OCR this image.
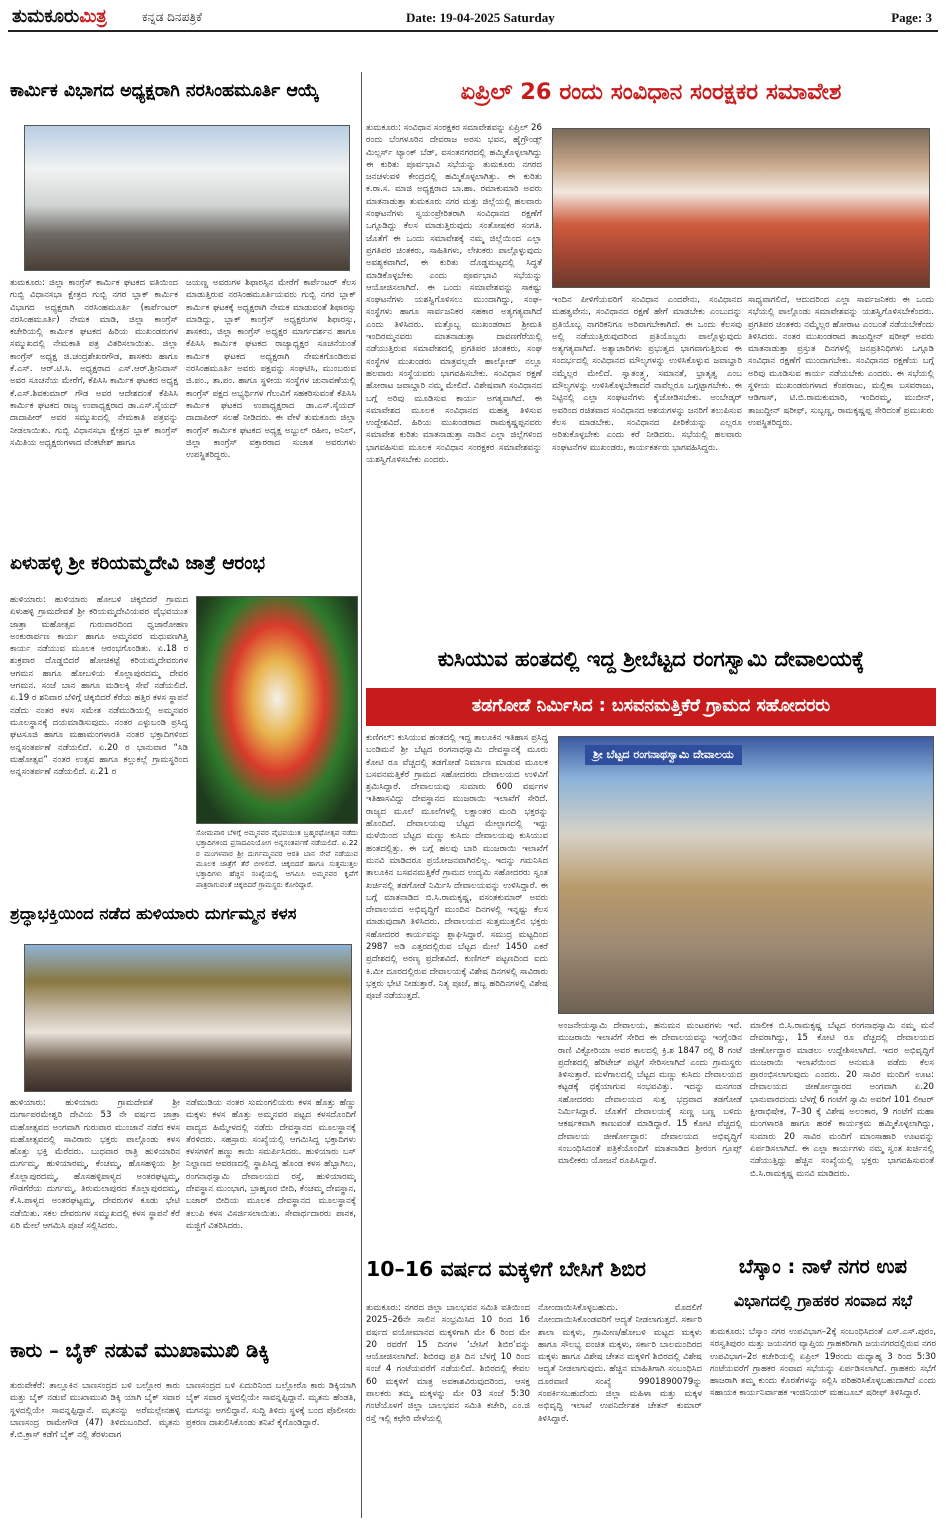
ತುಮಕೂರುಮಿತ್ರ	ಕನ್ನಡ ದಿನಪತ್ರಿಕೆ	Date: 19-04-2025 Saturday	Page: 3
ಕಾರ್ಮಿಕ ವಿಭಾಗದ ಅಧ್ಯಕ್ಷರಾಗಿ ನರಸಿಂಹಮೂರ್ತಿ ಆಯ್ಕೆ
ತುಮಕೂರು: ಜಿಲ್ಲಾ ಕಾಂಗ್ರೆಸ್ ಕಾರ್ಮಿಕ ಘಟಕದ ವತಿಯಿಂದ ಗುಬ್ಬಿ ವಿಧಾನಸಭಾ ಕ್ಷೇತ್ರದ ಗುಬ್ಬಿ ನಗರ ಬ್ಲಾಕ್ ಕಾರ್ಮಿಕ ವಿಭಾಗದ ಅಧ್ಯಕ್ಷರಾಗಿ ನರಸಿಂಹಮೂರ್ತಿ (ಕಾರ್ಪೆಂಟರ್ ನರಸಿಂಹಮೂರ್ತಿ) ನೇಮಕ ಮಾಡಿ, ಜಿಲ್ಲಾ ಕಾಂಗ್ರೆಸ್ ಕಚೇರಿಯಲ್ಲಿ ಕಾರ್ಮಿಕ ಘಟಕದ ಹಿರಿಯ ಮುಖಂಡರುಗಳ ಸಮ್ಮುಖದಲ್ಲಿ ನೇಮಕಾತಿ ಪತ್ರ ವಿತರಿಸಲಾಯಿತು. ಜಿಲ್ಲಾ ಕಾಂಗ್ರೆಸ್ ಅಧ್ಯಕ್ಷ ಜಿ.ಚಂದ್ರಶೇಖರಗೌಡ, ಶಾಸಕರು ಹಾಗೂ ಕೆ.ಎಸ್. ಆರ್.ಟಿ.ಸಿ. ಅಧ್ಯಕ್ಷರಾದ ಎಸ್.ಆರ್.ಶ್ರೀನಿವಾಸ್ ಅವರ ಸೂಚನೆಯ ಮೇರೆಗೆ, ಕೆಪಿಸಿಸಿ ಕಾರ್ಮಿಕ ಘಟಕದ ಅಧ್ಯಕ್ಷ ಕೆ.ಎಸ್.ಶಿವಕುಮಾರ್ ಗೌಡ ಅವರ ಆದೇಶದಂತೆ ಕೆಪಿಸಿಸಿ ಕಾರ್ಮಿಕ ಘಟಕದ ರಾಜ್ಯ ಉಪಾಧ್ಯಕ್ಷರಾದ ಡಾ.ಎಸ್.ಸೈಯದ್ ದಾದಾಪೀರ್ ಅವರ ಸಮ್ಮುಖದಲ್ಲಿ ನೇಮಕಾತಿ ಪತ್ರವನ್ನು ನೀಡಲಾಯಿತು. ಗುಬ್ಬಿ ವಿಧಾನಸಭಾ ಕ್ಷೇತ್ರದ ಬ್ಲಾಕ್ ಕಾಂಗ್ರೆಸ್ ಸಮಿತಿಯ ಅಧ್ಯಕ್ಷರುಗಳಾದ ವೆಂಕಟೇಶ್ ಹಾಗೂ
ಜಯಣ್ಣ ಅವರುಗಳ ಶಿಫಾರಸ್ಸಿನ ಮೇರೆಗೆ ಕಾರ್ಪೆಂಟರ್ ಕೆಲಸ ಮಾಡುತ್ತಿರುವ ನರಸಿಂಹಮೂರ್ತಿಯವರು ಗುಬ್ಬಿ ನಗರ ಬ್ಲಾಕ್ ಕಾರ್ಮಿಕ ಘಟಕಕ್ಕೆ ಅಧ್ಯಕ್ಷರಾಗಿ ನೇಮಕ ಮಾಡುವಂತೆ ಶಿಫಾರಸ್ಸು ಮಾಡಿದ್ದು, ಬ್ಲಾಕ್ ಕಾಂಗ್ರೆಸ್ ಅಧ್ಯಕ್ಷರುಗಳ ಶಿಫಾರಸ್ಸು, ಶಾಸಕರು, ಜಿಲ್ಲಾ ಕಾಂಗ್ರೆಸ್ ಅಧ್ಯಕ್ಷರ ಮಾರ್ಗದರ್ಶನ ಹಾಗೂ ಕೆಪಿಸಿಸಿ ಕಾರ್ಮಿಕ ಘಟಕದ ರಾಜ್ಯಾಧ್ಯಕ್ಷರ ಸೂಚನೆಯಂತೆ ಕಾರ್ಮಿಕ ಘಟಕದ ಅಧ್ಯಕ್ಷರಾಗಿ ನೇಮಕಗೊಂಡಿರುವ ನರಸಿಂಹಮೂರ್ತಿ ಅವರು ಪಕ್ಷವನ್ನು ಸಂಘಟಿಸಿ, ಮುಂಬರುವ ಜಿ.ಪಂ., ತಾ.ಪಂ. ಹಾಗೂ ಸ್ಥಳೀಯ ಸಂಸ್ಥೆಗಳ ಚುನಾವಣೆಯಲ್ಲಿ ಕಾಂಗ್ರೆಸ್ ಪಕ್ಷದ ಅಭ್ಯರ್ಥಿಗಳ ಗೆಲುವಿಗೆ ಸಹಕರಿಸುವಂತೆ ಕೆಪಿಸಿಸಿ ಕಾರ್ಮಿಕ ಘಟಕದ ಉಪಾಧ್ಯಕ್ಷರಾದ ಡಾ.ಎಸ್.ಸೈಯದ್ ದಾದಾಪೀರ್ ಸಲಹೆ ನೀಡಿದರು. ಈ ವೇಳೆ ತುಮಕೂರು ಜಿಲ್ಲಾ ಕಾಂಗ್ರೆಸ್ ಕಾರ್ಮಿಕ ಘಟಕದ ಅಧ್ಯಕ್ಷ ಅಬ್ದುಲ್ ರಹೀಂ, ಅನಿಲ್, ಜಿಲ್ಲಾ ಕಾಂಗ್ರೆಸ್ ವಕ್ತಾರರಾದ ಸುಜಾತ ಅವರುಗಳು ಉಪಸ್ಥಿತರಿದ್ದರು.
ಏಳುಹಳ್ಳಿ ಶ್ರೀ ಕರಿಯಮ್ಮದೇವಿ ಜಾತ್ರೆ ಆರಂಭ
ಹುಳಿಯಾರು: ಹುಳಿಯಾರು ಹೋಬಳಿ ಚಿಕ್ಕಬಿದರೆ ಗ್ರಾಮದ ಏಳುಹಳ್ಳಿ ಗ್ರಾಮದೇವತೆ ಶ್ರೀ ಕರಿಯಮ್ಮದೇವಿಯವರ ವೈಭವಯುತ ಜಾತ್ರಾ ಮಹೋತ್ಸವ ಗುರುವಾರದಿಂದ ಧ್ವಜಾರೋಹಣ ಅಂಕುರಾರ್ಪಣ ಕಾರ್ಯ ಹಾಗೂ ಅಮ್ಮನವರ ಮಧುವಣಗಿತ್ತಿ ಕಾರ್ಯ ನಡೆಯುವ ಮೂಲಕ ಆರಂಭಗೊಂಡಿತು. ಏ.18 ರ ಶುಕ್ರವಾರ ದೊಡ್ಡಬಿದರೆ ಹೋಚಿಕಟ್ಟೆ ಕರಿಯಮ್ಮದೇವರುಗಳ ಆಗಮನ ಹಾಗೂ ಹೋಬಳಿಯ ಕೊಲ್ಲಾಪುರದಮ್ಮ ದೇವರ ಆಗಮನ. ಸಂಜೆ ಬಾನ ಹಾಗೂ ಮಡಿಲಕ್ಕಿ ಸೇವೆ ನಡೆಯಲಿದೆ. ಏ.19 ರ ಶನಿವಾರ ಬೆಳಿಗ್ಗೆ ಚಿಕ್ಕಬಿದರೆ ಕೆರೆಯ ಹತ್ತಿರ ಕಳಸ ಸ್ಥಾಪನೆ ನಡೆದು ನಂತರ ಕಳಸ ಸಮೇತ ನಡೆಮುಡಿಯಲ್ಲಿ ಅಮ್ಮನವರ ಮೂಲಸ್ಥಾನಕ್ಕೆ ದಯಮಾಡಿಸುವುದು. ನಂತರ ಎಳ್ಳುಬಂಡಿ ಪ್ರಸಿದ್ಧ ಘಟಸೂಜಿ ಹಾಗೂ ಮಹಾಮಂಗಳಾರತಿ ನಂತರ ಭಕ್ತಾದಿಗಳಿಂದ ಅನ್ನಸಂತರ್ಪಣೆ ನಡೆಯಲಿದೆ. ಏ.20 ರ ಭಾನುವಾರ “ಸಿಡಿ ಮಹೋತ್ಸವ” ನಂತರ ಉತ್ಸವ ಹಾಗೂ ಕಲ್ಲುಕಲ್ಲೆ ಗ್ರಾಮಸ್ಥರಿಂದ ಅನ್ನಸಂತರ್ಪಣೆ ನಡೆಯಲಿದೆ. ಏ.21 ರ
ಸೋಮವಾರ ಬೆಳಿಗ್ಗೆ ಅಮ್ಮನವರ ವೈಭವಯುತ ಬ್ರಹ್ಮರಥೋತ್ಸವ ನಡೆದು ಭಕ್ತಾದಿಗಳಿಂದ ಪ್ರಸಾದವಿನಿಯೋಗ ಅನ್ನಸಂತರ್ಪಣೆ ನಡೆಯಲಿದೆ. ಏ.22 ರ ಮಂಗಳವಾರ ಶ್ರೀ ದುರ್ಗಮ್ಮನವರ ಆರತಿ ಬಾನ ಸೇವೆ ನಡೆಯುವ ಮೂಲಕ ಜಾತ್ರೆಗೆ ತೆರೆ ಬೀಳಲಿದೆ. ಚಿಕ್ಕಬಿದರೆ ಹಾಗೂ ಸುತ್ತಮುತ್ತಲ ಭಕ್ತಾದಿಗಳು ಹೆಚ್ಚಿನ ಸಂಖ್ಯೆಯಲ್ಲಿ ಆಗಮಿಸಿ ಅಮ್ಮನವರ ಕೃಪೆಗೆ ಪಾತ್ರರಾಗುವಂತೆ ಚಿಕ್ಕಬಿದರೆ ಗ್ರಾಮಸ್ಥರು ಕೋರಿದ್ದಾರೆ.
ಶ್ರದ್ಧಾಭಕ್ತಿಯಿಂದ ನಡೆದ ಹುಳಿಯಾರು ದುರ್ಗಮ್ಮನ ಕಳಸ
ಹುಳಿಯಾರು: ಹುಳಿಯಾರು ಗ್ರಾಮದೇವತೆ ಶ್ರೀ ದುರ್ಗಾಪರಮೇಶ್ವರಿ ದೇವಿಯ 53 ನೇ ವರ್ಷದ ಜಾತ್ರಾ ಮಹೋತ್ಸವದ ಅಂಗವಾಗಿ ಗುರುವಾರ ಮುಂಜಾನೆ ನಡೆದ ಕಳಸ ಮಹೋತ್ಸವದಲ್ಲಿ ಸಾವಿರಾರು ಭಕ್ತರು ಪಾಲ್ಗೊಂಡು ಕಳಸ ಹೊತ್ತು ಭಕ್ತಿ ಮೆರೆದರು. ಬುಧವಾರ ರಾತ್ರಿ ಹುಳಿಯಾರಿನ ದುರ್ಗಮ್ಮ, ಹುಳಿಯಾರಮ್ಮ, ಕೆಂಚಮ್ಮ, ಹೊಸಹಳ್ಳಿಯ ಶ್ರೀ ಕೊಲ್ಲಾಪುರದಮ್ಮ, ಹೊಸಹಳ್ಳಿಪಾಳ್ಯದ ಅಂತರಘಟ್ಟಮ್ಮ, ಗೌಡಗೆರೆಯ ದುರ್ಗಮ್ಮ, ತಿರುಮಲಾಪುರದ ಕೊಲ್ಲಾಪುರದಮ್ಮ, ಕೆ.ಸಿ.ಪಾಳ್ಯದ ಅಂತರಘಟ್ಟಮ್ಮ, ದೇವರುಗಳ ಕೂಡು ಭೇಟಿ ನಡೆಯಿತು. ಸಕಲ ದೇವರುಗಳ ಸಮ್ಮುಖದಲ್ಲಿ ಕಳಸ ಸ್ಥಾಪನೆ ಕೆರೆ ಏರಿ ಮೇಲೆ ಆಗಮಿಸಿ ಪೂಜೆ ಸಲ್ಲಿಸಿದರು.
ನಡೆಮುಡಿಯ ನಂತರ ಸುಮಂಗಲಿಯರು ಕಳಸ ಹೊತ್ತು ಹೆಣ್ಣು ಮಕ್ಕಳು ಕಳಸ ಹೊತ್ತು ಅಮ್ಮನವರ ಪಟ್ಟದ ಕಳಸದೊಂದಿಗೆ ವಾದ್ಯದ ಹಿಮ್ಮೇಳದಲ್ಲಿ ನಡೆದು ದೇವಸ್ಥಾನದ ಮೂಲಸ್ಥಾನಕ್ಕೆ ತೆರಳಿದರು. ಸಹಸ್ರಾರು ಸಂಖ್ಯೆಯಲ್ಲಿ ಆಗಮಿಸಿದ್ದ ಭಕ್ತಾದಿಗಳು ಕಳಸಗಳಿಗೆ ಹಣ್ಣು ಕಾಯಿ ಸಮರ್ಪಿಸಿದರು. ಹುಳಿಯಾರು ಬಸ್ ನಿಲ್ದಾಣದ ಆವರಣದಲ್ಲಿ ಸ್ಥಾಪಿಸಿದ್ದ ಹೊಂಡ ಕಳಸ ಹೆಬ್ಬಾಗಿಲು, ರಂಗನಾಥಸ್ವಾಮಿ ದೇವಾಲಯದ ರಸ್ತೆ, ಹುಳಿಯಾರಮ್ಮ ದೇವಸ್ಥಾನ ಮುಂಭಾಗ, ಬ್ರಾಹ್ಮಣರ ಬೀದಿ, ಕೆಂಚಮ್ಮ ದೇವಸ್ಥಾನ, ಬಜಾರ್ ಬೀದಿಯ ಮೂಲಕ ದೇವಸ್ಥಾನದ ಮೂಲಸ್ಥಾನಕ್ಕೆ ತಲುಪಿ ಕಳಸ ವಿಸರ್ಜಿಸಲಾಯಿತು. ಸೇವಾರ್ಥದಾರರು ಪಾನಕ, ಮಜ್ಜಿಗೆ ವಿತರಿಸಿದರು.
ಕಾರು – ಬೈಕ್ ನಡುವೆ ಮುಖಾಮುಖಿ ಡಿಕ್ಕಿ
ತುರುವೇಕೆರೆ: ತಾಲ್ಲೂಕಿನ ಬಾಣಸಂದ್ರದ ಬಳಿ ಬಲ್ಲೋರ ಕಾರು ಮತ್ತು ಬೈಕ್ ನಡುವೆ ಮುಖಾಮುಖಿ ಡಿಕ್ಕಿ ಯಾಗಿ ಬೈಕ್ ಸವಾರ ಸ್ಥಳದಲ್ಲಿಯೇ ಸಾವನ್ನಪ್ಪಿದ್ದಾನೆ. ಮೃತನನ್ನು ಅರೆಮಲ್ಲೇನಹಳ್ಳಿ ಬಾಣಸಂದ್ರ ರಾಮೇಗೌಡ (47) ತಿಳಿದುಬಂದಿದೆ. ಮೃತನು ಕೆ.ಬಿ.ಕ್ರಾಸ್ ಕಡೆಗೆ ಬೈಕ್ ನಲ್ಲಿ ತೆರಳುವಾಗ
ಬಾಣಸಂದ್ರದ ಬಳಿ ಏದುರಿನಿಂದ ಬಲ್ಲೋರೊ ಕಾರು ಡಿಕ್ಕಿಯಾಗಿ ಬೈಕ್ ಸವಾರ ಸ್ಥಳದಲ್ಲಿಯೇ ಸಾವನ್ನಪ್ಪಿದ್ದಾನೆ. ಮೃತನು ಹೆಂಡತಿ, ಮಗನನ್ನು ಅಗಲಿದ್ದಾನೆ. ಸುದ್ದಿ ತಿಳಿದು ಸ್ಥಳಕ್ಕೆ ಬಂದ ಪೊಲೀಸರು ಪ್ರಕರಣ ದಾಖಲಿಸಿಕೊಂಡು ತನಿಖೆ ಕೈಗೊಂಡಿದ್ದಾರೆ.
ಏಪ್ರಿಲ್ 26 ರಂದು ಸಂವಿಧಾನ ಸಂರಕ್ಷಕರ ಸಮಾವೇಶ
ತುಮಕೂರು: ಸಂವಿಧಾನ ಸಂರಕ್ಷಕರ ಸಮಾವೇಶವನ್ನು ಏಪ್ರಿಲ್ 26 ರಂದು ಬೆಂಗಳೂರಿನ ದೇವರಾಜ ಅರಸು ಭವನ, ಹೈಗ್ರೌಂಡ್ಸ್ ಮಿಲ್ಲರ್ಸ್ ಟ್ಯಾಂಕ್ ಬೆಡ್, ವಸಂತನಗರದಲ್ಲಿ ಹಮ್ಮಿಕೊಳ್ಳಲಾಗಿದ್ದು ಈ ಕುರಿತು ಪೂರ್ವಭಾವಿ ಸಭೆಯನ್ನು ತುಮಕೂರು ನಗರದ ಜನಚಳುವಳಿ ಕೇಂದ್ರದಲ್ಲಿ ಹಮ್ಮಿಕೊಳ್ಳಲಾಗಿತ್ತು. ಈ ಕುರಿತು ಕ.ರಾ.ಸ. ಮಾಜಿ ಅಧ್ಯಕ್ಷರಾದ ಬಾ.ಹಾ. ರಮಾಕುಮಾರಿ ಅವರು ಮಾತನಾಡುತ್ತಾ ತುಮಕೂರು ನಗರ ಮತ್ತು ಜಿಲ್ಲೆಯಲ್ಲಿ ಹಲವಾರು ಸಂಘಟನೆಗಳು ಸ್ವಯಂಪ್ರೇರಿತರಾಗಿ ಸಂವಿಧಾನದ ರಕ್ಷಣೆಗೆ ಒಗ್ಗೂಡಿದ್ದು ಕೆಲಸ ಮಾಡುತ್ತಿರುವುದು ಸಂತೋಷಕರ ಸಂಗತಿ. ಜೊತೆಗೆ ಈ ಒಂದು ಸಮಾವೇಶಕ್ಕೆ ನಮ್ಮ ಜಿಲ್ಲೆಯಿಂದ ಎಲ್ಲಾ ಪ್ರಗತಿಪರ ಚಿಂತಕರು, ಸಾಹಿತಿಗಳು, ಲೇಖಕರು ಪಾಲ್ಗೊಳ್ಳುವುದು ಅವಶ್ಯಕವಾಗಿದೆ, ಈ ಕುರಿತು ದೊಡ್ಡಮಟ್ಟದಲ್ಲಿ ಸಿದ್ಧತೆ ಮಾಡಿಕೊಳ್ಳಬೇಕು ಎಂದು ಪೂರ್ವಭಾವಿ ಸಭೆಯನ್ನು ಆಯೋಜಿಸಲಾಗಿದೆ. ಈ ಒಂದು ಸಮಾವೇಶವನ್ನು ಸಾಕಷ್ಟು ಸಂಘಟನೆಗಳು ಯಶಸ್ವಿಗೊಳಿಸಲು ಮುಂದಾಗಿದ್ದು, ಸಂಘ-ಸಂಸ್ಥೆಗಳು ಹಾಗೂ ಸಾರ್ವಜನಿಕರ ಸಹಕಾರ ಅತ್ಯಗತ್ಯವಾಗಿದೆ ಎಂದು ತಿಳಿಸಿದರು. ಮತ್ತೊಬ್ಬ ಮುಖಂಡರಾದ ಶ್ರೀಮತಿ ಇಂದಿರಮ್ಮನವರು ಮಾತನಾಡುತ್ತಾ ದಾವಣಗೆರೆಯಲ್ಲಿ ನಡೆಯುತ್ತಿರುವ ಸಮಾವೇಶದಲ್ಲಿ ಪ್ರಗತಿಪರ ಚಿಂತಕರು, ಸಂಘ ಸಂಸ್ಥೆಗಳ ಮುಖಂಡರು ಮಾತ್ರವಲ್ಲದೇ ಹಾಲ್ಕೋಡ್ ನಲ್ಲೂ ಹಲವಾರು ಸಂಸ್ಥೆಯವರು ಭಾಗವಹಿಸಬೇಕು. ಸಂವಿಧಾನ ರಕ್ಷಣೆ ಹೋರಾಟ ಜವಾಬ್ದಾರಿ ನಮ್ಮ ಮೇಲಿದೆ. ವಿಶೇಷವಾಗಿ ಸಂವಿಧಾನದ ಬಗ್ಗೆ ಅರಿವು ಮೂಡಿಸುವ ಕಾರ್ಯ ಅಗತ್ಯವಾಗಿದೆ. ಈ ಸಮಾವೇಶದ ಮೂಲಕ ಸಂವಿಧಾನದ ಮಹತ್ವ ತಿಳಿಸುವ ಉದ್ದೇಶವಿದೆ. ಹಿರಿಯ ಮುಖಂಡರಾದ ರಾಮಕೃಷ್ಣಪ್ಪನವರು ಸಮಾವೇಶ ಕುರಿತು ಮಾತನಾಡುತ್ತಾ ನಾಡಿನ ಎಲ್ಲಾ ಜಿಲ್ಲೆಗಳಿಂದ ಭಾಗವಹಿಸುವ ಮೂಲಕ ಸಂವಿಧಾನ ಸಂರಕ್ಷಕರ ಸಮಾವೇಶವನ್ನು ಯಶಸ್ವಿಗೊಳಿಸಬೇಕು ಎಂದರು.
ಇಂದಿನ ಪೀಳಿಗೆಯವರಿಗೆ ಸಂವಿಧಾನ ಎಂದರೇನು, ಸಂವಿಧಾನದ ಮಹತ್ವವೇನು, ಸಂವಿಧಾನದ ರಕ್ಷಣೆ ಹೇಗೆ ಮಾಡಬೇಕು ಎಂಬುದನ್ನು ಪ್ರತಿಯೊಬ್ಬ ನಾಗರಿಕನಿಗೂ ಅರಿವಾಗಬೇಕಾಗಿದೆ. ಈ ಒಂದು ಕೆಲಸವು ಅಲ್ಲಿ ನಡೆಯುತ್ತಿರುವುದರಿಂದ ಪ್ರತಿಯೊಬ್ಬರು ಪಾಲ್ಗೊಳ್ಳುವುದು ಅತ್ಯಗತ್ಯವಾಗಿದೆ. ಅತ್ಯಾಚಾರಿಗಳು ಪ್ರಭುತ್ವದ ಭಾಗವಾಗುತ್ತಿರುವ ಈ ಸಂದರ್ಭದಲ್ಲಿ ಸಂವಿಧಾನದ ಮೌಲ್ಯಗಳನ್ನು ಉಳಿಸಿಕೊಳ್ಳುವ ಜವಾಬ್ದಾರಿ ನಮ್ಮೆಲ್ಲರ ಮೇಲಿದೆ. ಸ್ವಾತಂತ್ರ್ಯ, ಸಮಾನತೆ, ಭ್ರಾತೃತ್ವ ಎಂಬ ಮೌಲ್ಯಗಳನ್ನು ಉಳಿಸಿಕೊಳ್ಳಬೇಕಾದರೆ ನಾವೆಲ್ಲರೂ ಒಗ್ಗಟ್ಟಾಗಬೇಕು. ಈ ನಿಟ್ಟಿನಲ್ಲಿ ಎಲ್ಲಾ ಸಂಘಟನೆಗಳು ಕೈಜೋಡಿಸಬೇಕು. ಅಂಬೇಡ್ಕರ್ ಅವರಿಂದ ರಚಿತವಾದ ಸಂವಿಧಾನದ ಆಶಯಗಳನ್ನು ಜನರಿಗೆ ತಲುಪಿಸುವ ಕೆಲಸ ಮಾಡಬೇಕು. ಸಂವಿಧಾನದ ಪೀಠಿಕೆಯನ್ನು ಎಲ್ಲರೂ ಅರಿತುಕೊಳ್ಳಬೇಕು ಎಂದು ಕರೆ ನೀಡಿದರು. ಸಭೆಯಲ್ಲಿ ಹಲವಾರು ಸಂಘಟನೆಗಳ ಮುಖಂಡರು, ಕಾರ್ಯಕರ್ತರು ಭಾಗವಹಿಸಿದ್ದರು.
ಸಾಧ್ಯವಾಗಲಿದೆ, ಆದುದರಿಂದ ಎಲ್ಲಾ ಸಾರ್ವಜನಿಕರು ಈ ಒಂದು ಸಭೆಯಲ್ಲಿ ಪಾಲ್ಗೊಂಡು ಸಮಾವೇಶವನ್ನು ಯಶಸ್ವಿಗೊಳಿಸಬೇಕೆಂದರು. ಪ್ರಗತಿಪರ ಚಿಂತಕರು ನಮ್ಮೆಲ್ಲರ ಹೋರಾಟ ಎಂಬಂತೆ ನಡೆಯಬೇಕೆಂದು ತಿಳಿಸಿದರು. ನಂತರ ಮುಖಂಡರಾದ ತಾಜುದ್ದೀನ್ ಷರೀಫ್ ಅವರು ಮಾತನಾಡುತ್ತಾ ಪ್ರಸ್ತುತ ದಿನಗಳಲ್ಲಿ ಜನಪ್ರತಿನಿಧಿಗಳು ಒಗ್ಗೂಡಿ ಸಂವಿಧಾನ ರಕ್ಷಣೆಗೆ ಮುಂದಾಗಬೇಕು. ಸಂವಿಧಾನದ ರಕ್ಷಣೆಯ ಬಗ್ಗೆ ಅರಿವು ಮೂಡಿಸುವ ಕಾರ್ಯ ನಡೆಯಬೇಕು ಎಂದರು. ಈ ಸಭೆಯಲ್ಲಿ ಸ್ಥಳೀಯ ಮುಖಂಡರುಗಳಾದ ಕೆಂಪರಾಜು, ಮಲ್ಲಿಕಾ ಬಸವರಾಜು, ಆಡಿಗಾಸ್, ಟಿ.ಬಿ.ರಾಮಕುಮಾರಿ, ಇಂದಿರಮ್ಮ, ಮುಬೀನ್, ತಾಜುದ್ದೀನ್ ಷರೀಫ್, ಸುಬ್ಬಣ್ಣ, ರಾಮಕೃಷ್ಣಪ್ಪ ಸೇರಿದಂತೆ ಪ್ರಮುಖರು ಉಪಸ್ಥಿತರಿದ್ದರು.
ಕುಸಿಯುವ ಹಂತದಲ್ಲಿ ಇದ್ದ ಶ್ರೀಬೆಟ್ಟದ ರಂಗಸ್ವಾಮಿ ದೇವಾಲಯಕ್ಕೆ
ತಡಗೋಡೆ ನಿರ್ಮಿಸಿದ : ಬಸವನಮತ್ತಿಕೆರೆ ಗ್ರಾಮದ ಸಹೋದರರು
ಕುಣಿಗಲ್: ಕುಸಿಯುವ ಹಂತದಲ್ಲಿ ಇದ್ದ ತಾಲೂಕಿನ ಇತಿಹಾಸ ಪ್ರಸಿದ್ಧ ಬಂಡಿಮನೆ ಶ್ರೀ ಬೆಟ್ಟದ ರಂಗನಾಥಸ್ವಾಮಿ ದೇವಸ್ಥಾನಕ್ಕೆ ಮೂರು ಕೋಟಿ ರೂ ವೆಚ್ಚದಲ್ಲಿ ತಡಗೋಡೆ ನಿರ್ಮಾಣ ಮಾಡುವ ಮೂಲಕ ಬಸವನಮತ್ತಿಕೆರೆ ಗ್ರಾಮದ ಸಹೋದರರು ದೇವಾಲಯದ ಉಳಿವಿಗೆ ಶ್ರಮಿಸಿದ್ದಾರೆ. ದೇವಾಲಯವು ಸುಮಾರು 600 ವರ್ಷಗಳ ಇತಿಹಾಸವಿದ್ದು ದೇವಸ್ಥಾನದ ಮುಜರಾಯಿ ಇಲಾಖೆಗೆ ಸೇರಿದೆ. ರಾಜ್ಯದ ಮೂಲೆ ಮೂಲೆಗಳಲ್ಲಿ ಲಕ್ಷಾಂತರ ಮಂದಿ ಭಕ್ತರನ್ನು ಹೊಂದಿದೆ. ದೇವಾಲಯವು ಬೆಟ್ಟದ ಮೇಲ್ಭಾಗದಲ್ಲಿ ಇದ್ದು ಮಳೆಯಿಂದ ಬೆಟ್ಟದ ಮಣ್ಣು ಕುಸಿದು ದೇವಾಲಯವು ಕುಸಿಯುವ ಹಂತದಲ್ಲಿತ್ತು. ಈ ಬಗ್ಗೆ ಹಲವು ಬಾರಿ ಮುಜರಾಯಿ ಇಲಾಖೆಗೆ ಮನವಿ ಮಾಡಿದರೂ ಪ್ರಯೋಜನವಾಗಿರಲಿಲ್ಲ. ಇದನ್ನು ಗಮನಿಸಿದ ತಾಲೂಕಿನ ಬಸವನಮತ್ತಿಕೆರೆ ಗ್ರಾಮದ ಉದ್ಯಮಿ ಸಹೋದರರು ಸ್ವಂತ ಖರ್ಚಿನಲ್ಲಿ ತಡಗೋಡೆ ನಿರ್ಮಿಸಿ ದೇವಾಲಯವನ್ನು ಉಳಿಸಿದ್ದಾರೆ. ಈ ಬಗ್ಗೆ ಮಾತನಾಡಿದ ಬಿ.ಸಿ.ರಾಮಕೃಷ್ಣ, ವಸಂತಕುಮಾರ್ ಅವರು ದೇವಾಲಯದ ಅಭಿವೃದ್ಧಿಗೆ ಮುಂದಿನ ದಿನಗಳಲ್ಲಿ ಇನ್ನಷ್ಟು ಕೆಲಸ ಮಾಡುವುದಾಗಿ ತಿಳಿಸಿದರು. ದೇವಾಲಯದ ಸುತ್ತಮುತ್ತಲಿನ ಭಕ್ತರು ಸಹೋದರರ ಕಾರ್ಯವನ್ನು ಶ್ಲಾಘಿಸಿದ್ದಾರೆ. ಸಮುದ್ರ ಮಟ್ಟದಿಂದ 2987 ಅಡಿ ಎತ್ತರದಲ್ಲಿರುವ ಬೆಟ್ಟದ ಮೇಲೆ 1450 ಎಕರೆ ಪ್ರದೇಶದಲ್ಲಿ ಅರಣ್ಯ ಪ್ರದೇಶವಿದೆ. ಕುಣಿಗಲ್ ಪಟ್ಟಣದಿಂದ ಐದು ಕಿ.ಮೀ ದೂರದಲ್ಲಿರುವ ದೇವಾಲಯಕ್ಕೆ ವಿಶೇಷ ದಿನಗಳಲ್ಲಿ ಸಾವಿರಾರು ಭಕ್ತರು ಭೇಟಿ ನೀಡುತ್ತಾರೆ. ನಿತ್ಯ ಪೂಜೆ, ಹಬ್ಬ ಹರಿದಿನಗಳಲ್ಲಿ ವಿಶೇಷ ಪೂಜೆ ನಡೆಯುತ್ತದೆ.
ಶ್ರೀ ಬೆಟ್ಟದ ರಂಗನಾಥಸ್ವಾಮಿ ದೇವಾಲಯ
ಅಂಜನೇಯಸ್ವಾಮಿ ದೇವಾಲಯ, ಹನುಮನ ಮಂಟಪಗಳು ಇವೆ. ಮುಜರಾಯಿ ಇಲಾಖೆಗೆ ಸೇರಿದ ಈ ದೇವಾಲಯವನ್ನು ಇಂಗ್ಲೆಂಡಿನ ರಾಣಿ ವಿಕ್ಟೋರಿಯಾ ಅವರ ಕಾಲದಲ್ಲಿ ಕ್ರಿ.ಶ 1847 ರಲ್ಲಿ 8 ಗಂಟೆ ಪ್ರದೇಶದಲ್ಲಿ ಹೆರಿಟೇಜ್ ಪಟ್ಟಿಗೆ ಸೇರಿಸಲಾಗಿದೆ ಎಂದು ಗ್ರಾಮಸ್ಥರು ತಿಳಿಸುತ್ತಾರೆ. ಮಳೆಗಾಲದಲ್ಲಿ ಬೆಟ್ಟದ ಮಣ್ಣು ಕುಸಿದು ದೇವಾಲಯದ ಕಟ್ಟಡಕ್ಕೆ ಧಕ್ಕೆಯಾಗುವ ಸಂಭವವಿತ್ತು. ಇದನ್ನು ಮನಗಂಡ ಸಹೋದರರು ದೇವಾಲಯದ ಸುತ್ತ ಭದ್ರವಾದ ತಡಗೋಡೆ ನಿರ್ಮಿಸಿದ್ದಾರೆ. ಜೊತೆಗೆ ದೇವಾಲಯಕ್ಕೆ ಸುಣ್ಣ ಬಣ್ಣ ಬಳಿದು ಆಕರ್ಷಕವಾಗಿ ಕಾಣುವಂತೆ ಮಾಡಿದ್ದಾರೆ. 15 ಕೋಟಿ ವೆಚ್ಚದಲ್ಲಿ ದೇವಾಲಯ ಜೀರ್ಣೋದ್ಧಾರ: ದೇವಾಲಯದ ಅಭಿವೃದ್ಧಿಗೆ ಸಂಬಂಧಿಸಿದಂತೆ ಪತ್ರಿಕೆಯೊಂದಿಗೆ ಮಾತನಾಡಿದ ಶ್ರೀರಂಗ ಗ್ರೂಪ್ಸ್ ಮಾಲೀಕರು ಯೋಜನೆ ರೂಪಿಸಿದ್ದಾರೆ.
ಮಾಲೀಕ ಬಿ.ಸಿ.ರಾಮಕೃಷ್ಣ ಬೆಟ್ಟದ ರಂಗನಾಥಸ್ವಾಮಿ ನಮ್ಮ ಮನೆ ದೇವರಾಗಿದ್ದು, 15 ಕೋಟಿ ರೂ ವೆಚ್ಚದಲ್ಲಿ ದೇವಾಲಯದ ಜೀರ್ಣೋದ್ಧಾರ ಮಾಡಲು ಉದ್ದೇಶಿಸಲಾಗಿದೆ. ಇದರ ಅಭಿವೃದ್ಧಿಗೆ ಮುಜರಾಯಿ ಇಲಾಖೆಯಿಂದ ಅನುಮತಿ ಪಡೆದು ಕೆಲಸ ಪ್ರಾರಂಭಿಸಲಾಗುವುದು ಎಂದರು. 20 ಸಾವಿರ ಮಂದಿಗೆ ಊಟ: ದೇವಾಲಯದ ಜೀರ್ಣೋದ್ಧಾರದ ಅಂಗವಾಗಿ ಏ.20 ಭಾನುವಾರದಂದು ಬೆಳಗ್ಗೆ 6 ಗಂಟೆಗೆ ಸ್ವಾಮಿ ಅವರಿಗೆ 101 ಲೀಟರ್ ಕ್ಷೀರಾಭಿಷೇಕ, 7–30 ಕ್ಕೆ ವಿಶೇಷ ಅಲಂಕಾರ, 9 ಗಂಟೆಗೆ ಮಹಾ ಮಂಗಳಾರತಿ ಹಾಗೂ ಹರಕೆ ಕಾರ್ಯಕ್ರಮ ಹಮ್ಮಿಕೊಳ್ಳಲಾಗಿದ್ದು, ಸುಮಾರು 20 ಸಾವಿರ ಮಂದಿಗೆ ಮಾಂಸಾಹಾರಿ ಊಟವನ್ನು ಏರ್ಪಡಿಸಲಾಗಿದೆ. ಈ ಎಲ್ಲಾ ಕಾರ್ಯಗಳು ನಮ್ಮ ಸ್ವಂತ ಖರ್ಚಿನಲ್ಲಿ ನಡೆಯುತ್ತಿದ್ದು ಹೆಚ್ಚಿನ ಸಂಖ್ಯೆಯಲ್ಲಿ ಭಕ್ತರು ಭಾಗವಹಿಸುವಂತೆ ಬಿ.ಸಿ.ರಾಮಕೃಷ್ಣ ಮನವಿ ಮಾಡಿದರು.
10–16 ವರ್ಷದ ಮಕ್ಕಳಿಗೆ ಬೇಸಿಗೆ ಶಿಬಿರ
ತುಮಕೂರು: ನಗರದ ಜಿಲ್ಲಾ ಬಾಲಭವನ ಸಮಿತಿ ವತಿಯಿಂದ 2025–26ನೇ ಸಾಲಿನ ಸಂಭ್ರಮಿಸಿದ 10 ರಿಂದ 16 ವರ್ಷದ ವಯೋಮಾನದ ಮಕ್ಕಳಿಗಾಗಿ ಮೇ 6 ರಿಂದ ಮೇ 20 ರವರೆಗೆ 15 ದಿನಗಳ ‘ಬೇಸಿಗೆ ಶಿಬಿರ’ವನ್ನು ಆಯೋಜಿಸಲಾಗಿದೆ. ಶಿಬಿರವು ಪ್ರತಿ ದಿನ ಬೆಳಗ್ಗೆ 10 ರಿಂದ ಸಂಜೆ 4 ಗಂಟೆಯವರೆಗೆ ನಡೆಯಲಿದೆ. ಶಿಬಿರದಲ್ಲಿ ಕೇವಲ 60 ಮಕ್ಕಳಿಗೆ ಮಾತ್ರ ಅವಕಾಶವಿರುವುದರಿಂದ, ಆಸಕ್ತ ಪಾಲಕರು ತಮ್ಮ ಮಕ್ಕಳನ್ನು ಮೇ 03 ಸಂಜೆ 5:30 ಗಂಟೆಯೊಳಗೆ ಜಿಲ್ಲಾ ಬಾಲಭವನ ಸಮಿತಿ ಕಚೇರಿ, ಎಂ.ಜಿ ರಸ್ತೆ ಇಲ್ಲಿ ಕಛೇರಿ ವೇಳೆಯಲ್ಲಿ
ನೋಂದಾಯಿಸಿಕೊಳ್ಳಬಹುದು. ಮೊದಲಿಗೆ ನೋಂದಾಯಿಸಿಕೊಂಡವರಿಗೆ ಆದ್ಯತೆ ನೀಡಲಾಗುತ್ತದೆ. ಸರ್ಕಾರಿ ಶಾಲಾ ಮಕ್ಕಳು, ಗ್ರಾಮೀಣ/ಹೋಬಳಿ ಮಟ್ಟದ ಮಕ್ಕಳು ಹಾಗೂ ಸೌಲಭ್ಯ ವಂಚಿತ ಮಕ್ಕಳು, ಸರ್ಕಾರಿ ಬಾಲಮಂದಿರದ ಮಕ್ಕಳು ಹಾಗೂ ವಿಶೇಷ ಚೇತನ ಮಕ್ಕಳಿಗೆ ಶಿಬಿರದಲ್ಲಿ ವಿಶೇಷ ಆದ್ಯತೆ ನೀಡಲಾಗುವುದು. ಹೆಚ್ಚಿನ ಮಾಹಿತಿಗಾಗಿ ಸಂಬಂಧಿಸಿದ ದೂರವಾಣಿ ಸಂಖ್ಯೆ 9901890079ನ್ನು ಸಂಪರ್ಕಿಸಬಹುದೆಂದು ಜಿಲ್ಲಾ ಮಹಿಳಾ ಮತ್ತು ಮಕ್ಕಳ ಅಭಿವೃದ್ಧಿ ಇಲಾಖೆ ಉಪನಿರ್ದೇಶಕ ಚೇತನ್ ಕುಮಾರ್ ತಿಳಿಸಿದ್ದಾರೆ.
ಬೆಸ್ಕಾಂ : ನಾಳೆ ನಗರ ಉಪ
ವಿಭಾಗದಲ್ಲಿ ಗ್ರಾಹಕರ ಸಂವಾದ ಸಭೆ
ತುಮಕೂರು: ಬೆಸ್ಕಾಂ ನಗರ ಉಪವಿಭಾಗ–2ಕ್ಕೆ ಸಂಬಂಧಿಸಿದಂತೆ ಎಸ್.ಎಸ್.ಪುರಂ, ಸರಸ್ವತಿಪುರಂ ಮತ್ತು ಜಯನಗರ ವ್ಯಾಪ್ತಿಯ ಗ್ರಾಹಕರಿಗಾಗಿ ಜಯನಗರದಲ್ಲಿರುವ ನಗರ ಉಪವಿಭಾಗ–2ರ ಕಚೇರಿಯಲ್ಲಿ ಏಪ್ರಿಲ್ 19ರಂದು ಮಧ್ಯಾಹ್ನ 3 ರಿಂದ 5:30 ಗಂಟೆಯವರೆಗೆ ಗ್ರಾಹಕರ ಸಂವಾದ ಸಭೆಯನ್ನು ಏರ್ಪಡಿಸಲಾಗಿದೆ. ಗ್ರಾಹಕರು ಸಭೆಗೆ ಹಾಜರಾಗಿ ತಮ್ಮ ಕುಂದು ಕೊರತೆಗಳನ್ನು ಸಲ್ಲಿಸಿ ಪರಿಹರಿಸಿಕೊಳ್ಳಬಹುದಾಗಿದೆ ಎಂದು ಸಹಾಯಕ ಕಾರ್ಯನಿರ್ವಾಹಕ ಇಂಜಿನಿಯರ್ ಮಹಬೂಬ್ ಷರೀಫ್ ತಿಳಿಸಿದ್ದಾರೆ.
